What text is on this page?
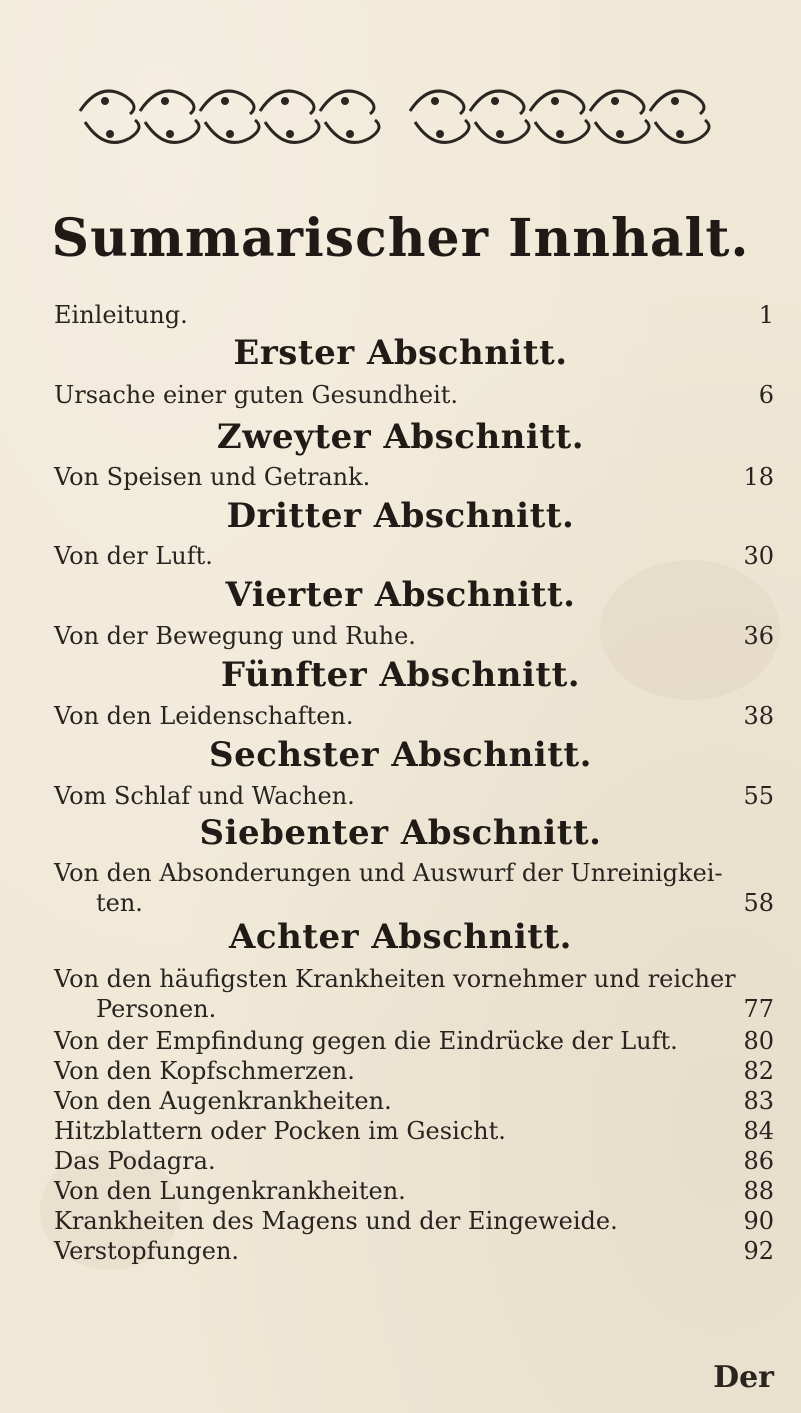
Summarischer Innhalt.
Einleitung.	1
Erster Abschnitt.
Ursache einer guten Gesundheit.	6
Zweyter Abschnitt.
Von Speisen und Getrank.	18
Dritter Abschnitt.
Von der Luft.	30
Vierter Abschnitt.
Von der Bewegung und Ruhe.	36
Fünfter Abschnitt.
Von den Leidenschaften.	38
Sechster Abschnitt.
Vom Schlaf und Wachen.	55
Siebenter Abschnitt.
Von den Absonderungen und Auswurf der Unreinigkei-
ten.	58
Achter Abschnitt.
Von den häufigsten Krankheiten vornehmer und reicher
Personen.	77
Von der Empfindung gegen die Eindrücke der Luft.	80
Von den Kopfschmerzen.	82
Von den Augenkrankheiten.	83
Hitzblattern oder Pocken im Gesicht.	84
Das Podagra.	86
Von den Lungenkrankheiten.	88
Krankheiten des Magens und der Eingeweide.	90
Verstopfungen.	92
Der
